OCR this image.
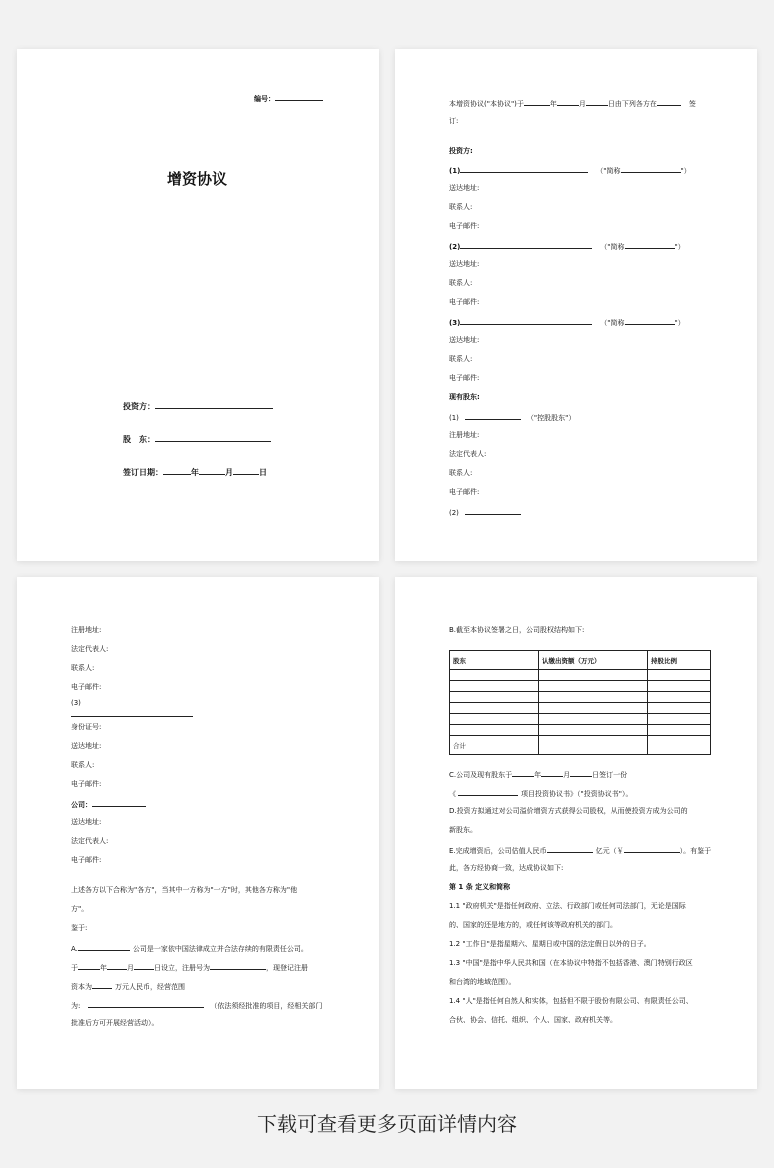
编号：
增资协议
投资方：
股　东：
签订日期：	年	月	日
本增资协议("本协议")于	年	月	日由下列各方在	签
订:
投资方:
(1)	（"简称	"）
送达地址:
联系人:
电子邮件:
(2)	（"简称	"）
送达地址:
联系人:
电子邮件:
(3)	（"简称	"）
送达地址:
联系人:
电子邮件:
现有股东:
(1)	（"控股股东"）
注册地址:
法定代表人:
联系人:
电子邮件:
(2)
注册地址:
法定代表人:
联系人:
电子邮件:
(3)
身份证号:
送达地址:
联系人:
电子邮件:
公司：
送达地址:
法定代表人:
电子邮件:
上述各方以下合称为"各方"，当其中一方称为"一方"时，其他各方称为"他
方"。
鉴于:
A.	公司是一家依中国法律成立并合法存续的有限责任公司。
于	年	月	日设立，注册号为	，现登记注册
资本为	万元人民币，经营范围
为:	（依法须经批准的项目，经相关部门
批准后方可开展经营活动）。
B.截至本协议签署之日，公司股权结构如下:
股东	认缴出资额（万元）	持股比例

合计		
C.公司及现有股东于	年	月	日签订一份
《	项目投资协议书》（"投资协议书"）。
D.投资方拟通过对公司溢价增资方式获得公司股权，从而使投资方成为公司的
新股东。
E.完成增资后，公司估值人民币	亿元（￥	）。有鉴于
此，各方经协商一致，达成协议如下:
第 1 条 定义和简称
1.1 "政府机关"是指任何政府、立法、行政部门或任何司法部门，无论是国际
的、国家的还是地方的，或任何该等政府机关的部门。
1.2 "工作日"是指星期六、星期日或中国的法定假日以外的日子。
1.3 "中国"是指中华人民共和国（在本协议中特指不包括香港、澳门特别行政区
和台湾的地域范围）。
1.4 "人"是指任何自然人和实体，包括但不限于股份有限公司、有限责任公司、
合伙、协会、信托、组织、个人、国家、政府机关等。
下载可查看更多页面详情内容
